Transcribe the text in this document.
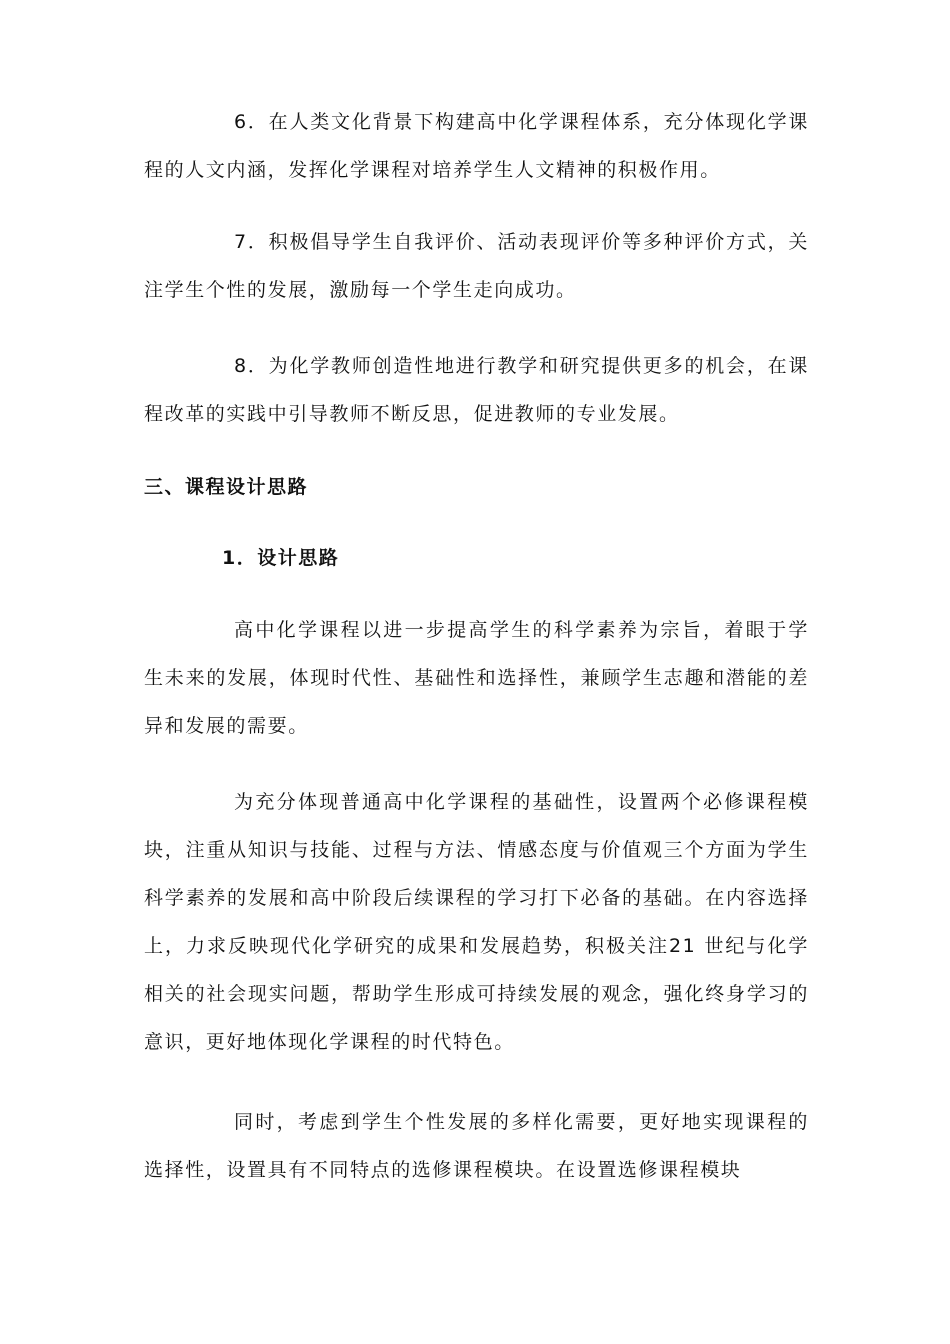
6．在人类文化背景下构建高中化学课程体系，充分体现化学课程的人文内涵，发挥化学课程对培养学生人文精神的积极作用。

7．积极倡导学生自我评价、活动表现评价等多种评价方式，关注学生个性的发展，激励每一个学生走向成功。

8．为化学教师创造性地进行教学和研究提供更多的机会，在课程改革的实践中引导教师不断反思，促进教师的专业发展。

三、课程设计思路
1．设计思路

高中化学课程以进一步提高学生的科学素养为宗旨，着眼于学生未来的发展，体现时代性、基础性和选择性，兼顾学生志趣和潜能的差异和发展的需要。

为充分体现普通高中化学课程的基础性，设置两个必修课程模块，注重从知识与技能、过程与方法、情感态度与价值观三个方面为学生科学素养的发展和高中阶段后续课程的学习打下必备的基础。在内容选择上，力求反映现代化学研究的成果和发展趋势，积极关注21 世纪与化学相关的社会现实问题，帮助学生形成可持续发展的观念，强化终身学习的意识，更好地体现化学课程的时代特色。

同时，考虑到学生个性发展的多样化需要，更好地实现课程的选择性，设置具有不同特点的选修课程模块。在设置选修课程模块
